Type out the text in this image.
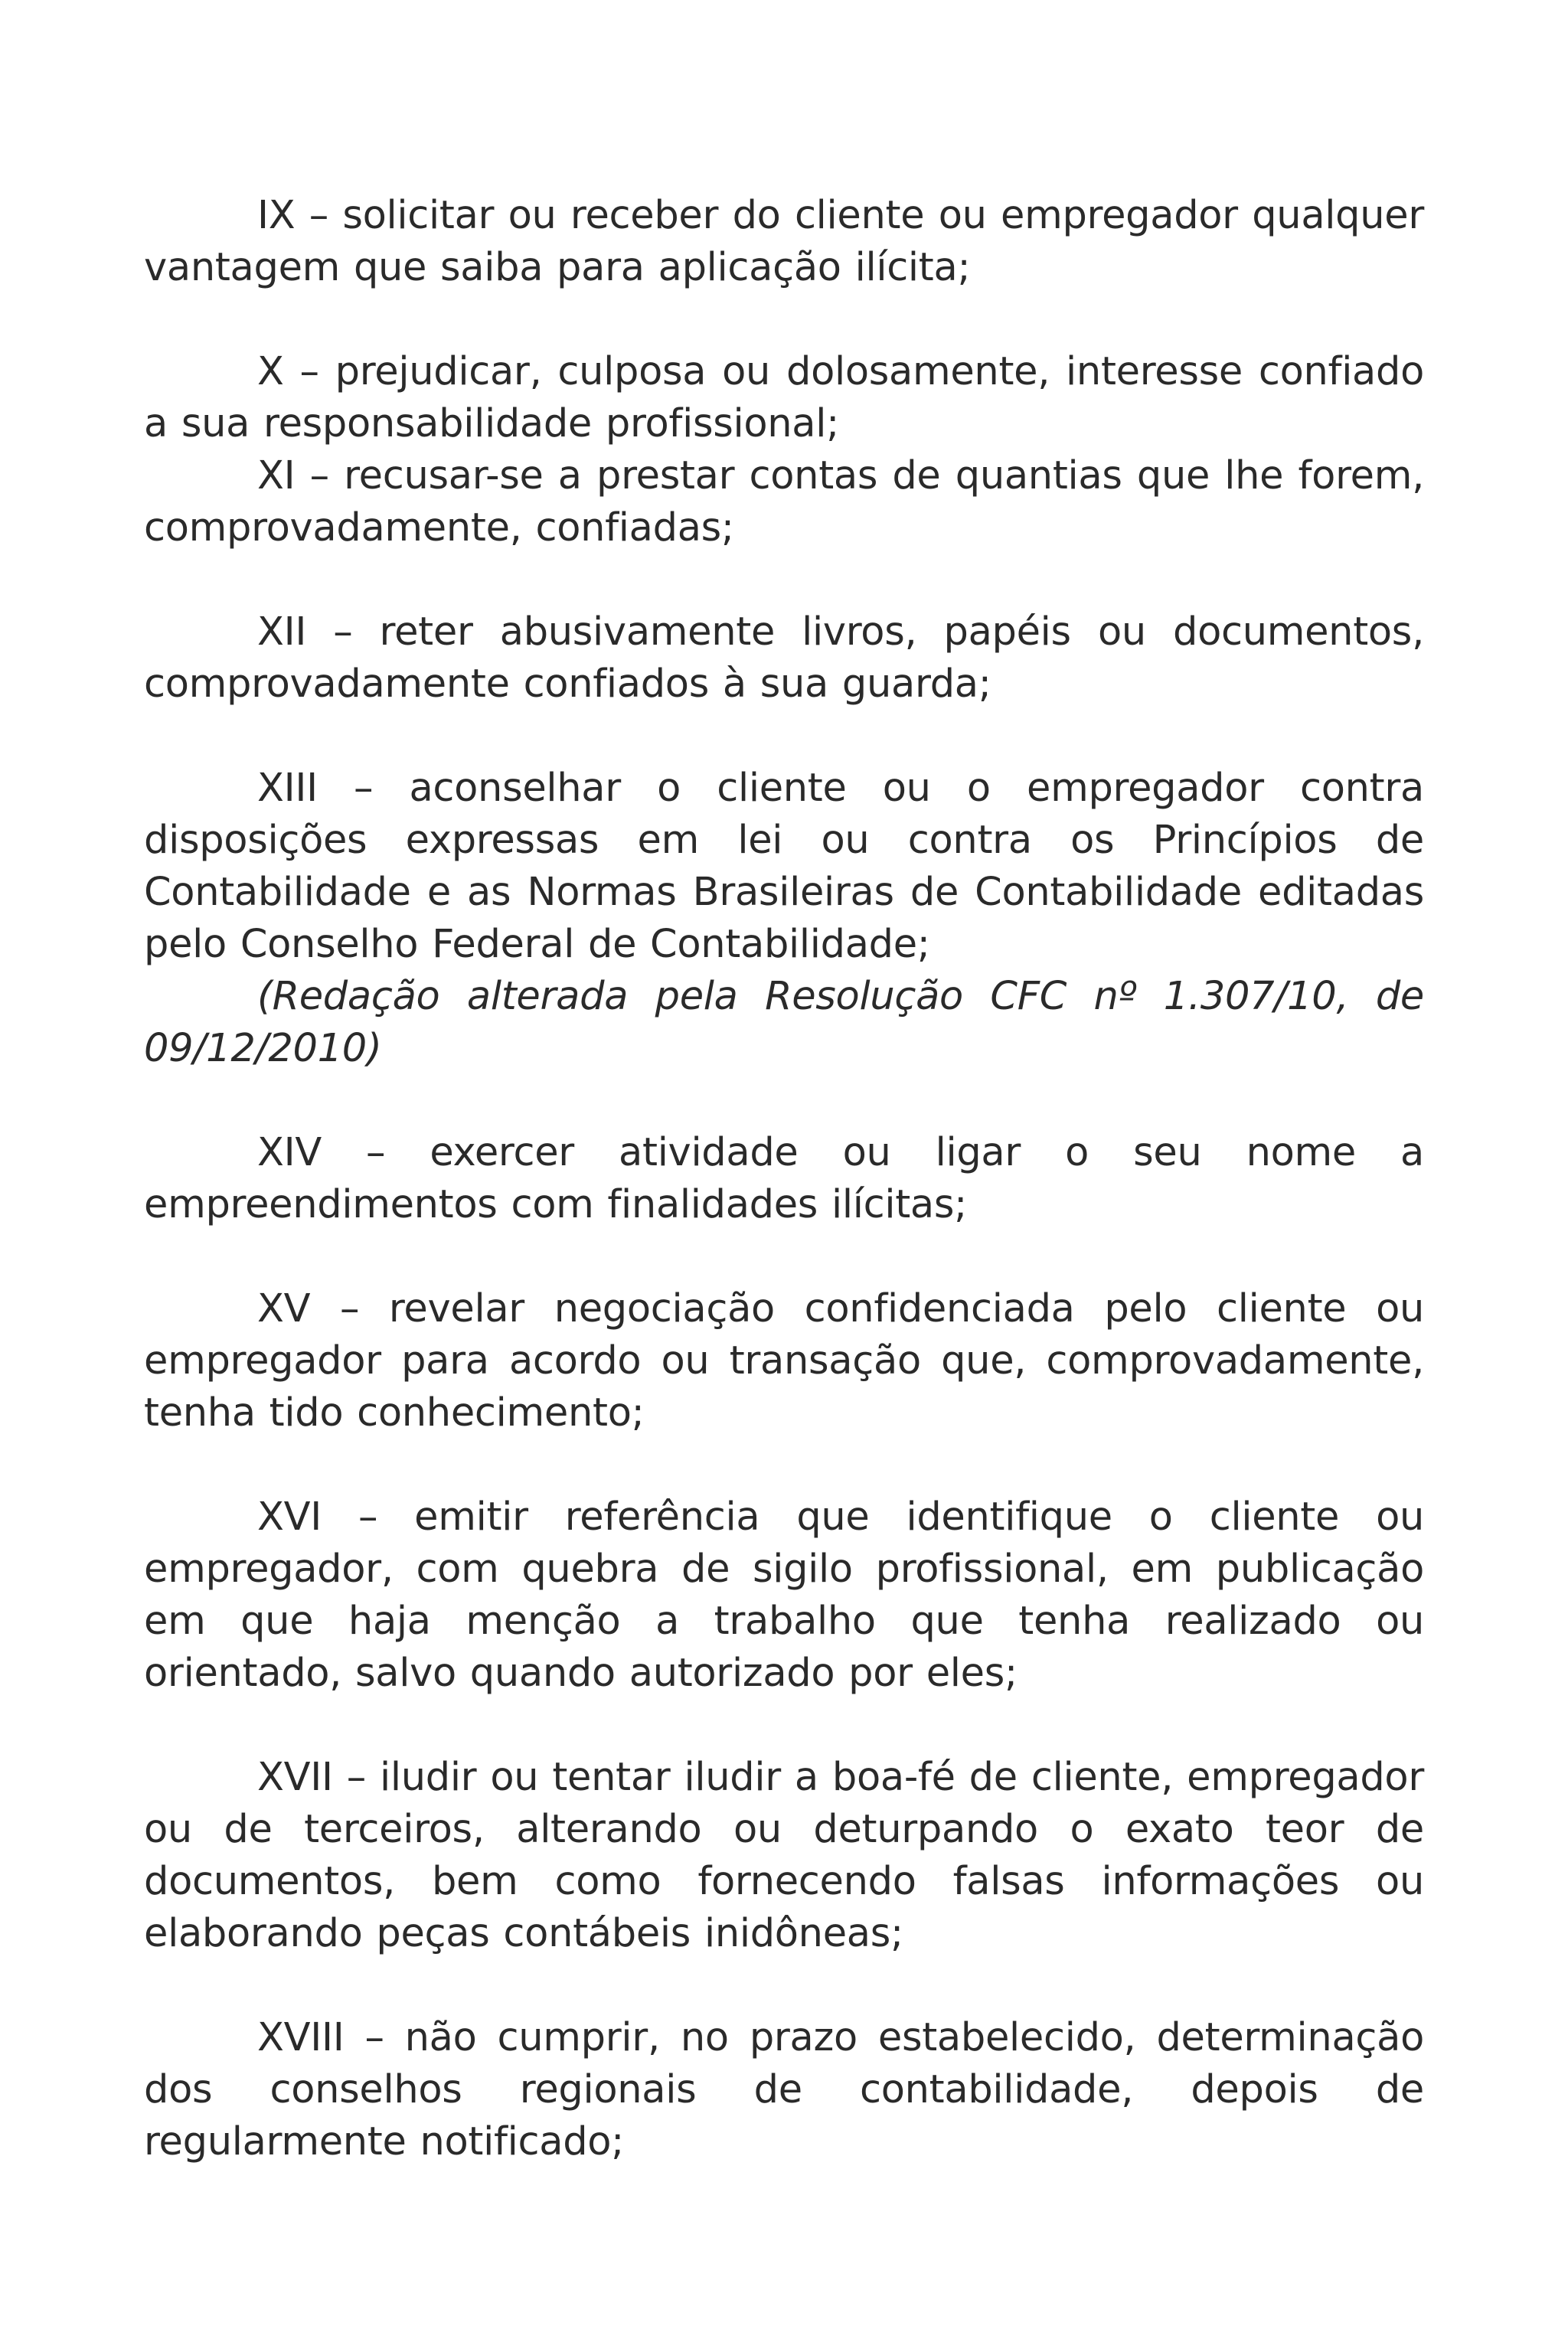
IX – solicitar ou receber do cliente ou empregador qualquer vantagem que saiba para aplicação ilícita;

X – prejudicar, culposa ou dolosamente, interesse confiado a sua responsabilidade profissional;

XI – recusar-se a prestar contas de quantias que lhe forem, comprovadamente, confiadas;

XII – reter abusivamente livros, papéis ou documentos, comprovadamente confiados à sua guarda;

XIII – aconselhar o cliente ou o empregador contra disposições expressas em lei ou contra os Princípios de Contabilidade e as Normas Brasileiras de Contabilidade editadas pelo Conselho Federal de Contabilidade;

(Redação alterada pela Resolução CFC nº 1.307/10, de 09/12/2010)

XIV – exercer atividade ou ligar o seu nome a empreendimentos com finalidades ilícitas;

XV – revelar negociação confidenciada pelo cliente ou empregador para acordo ou transação que, comprovadamente, tenha tido conhecimento;

XVI – emitir referência que identifique o cliente ou empregador, com quebra de sigilo profissional, em publicação em que haja menção a trabalho que tenha realizado ou orientado, salvo quando autorizado por eles;

XVII – iludir ou tentar iludir a boa-fé de cliente, empregador ou de terceiros, alterando ou deturpando o exato teor de documentos, bem como fornecendo falsas informações ou elaborando peças contábeis inidôneas;

XVIII – não cumprir, no prazo estabelecido, determinação dos conselhos regionais de contabilidade, depois de regularmente notificado;
